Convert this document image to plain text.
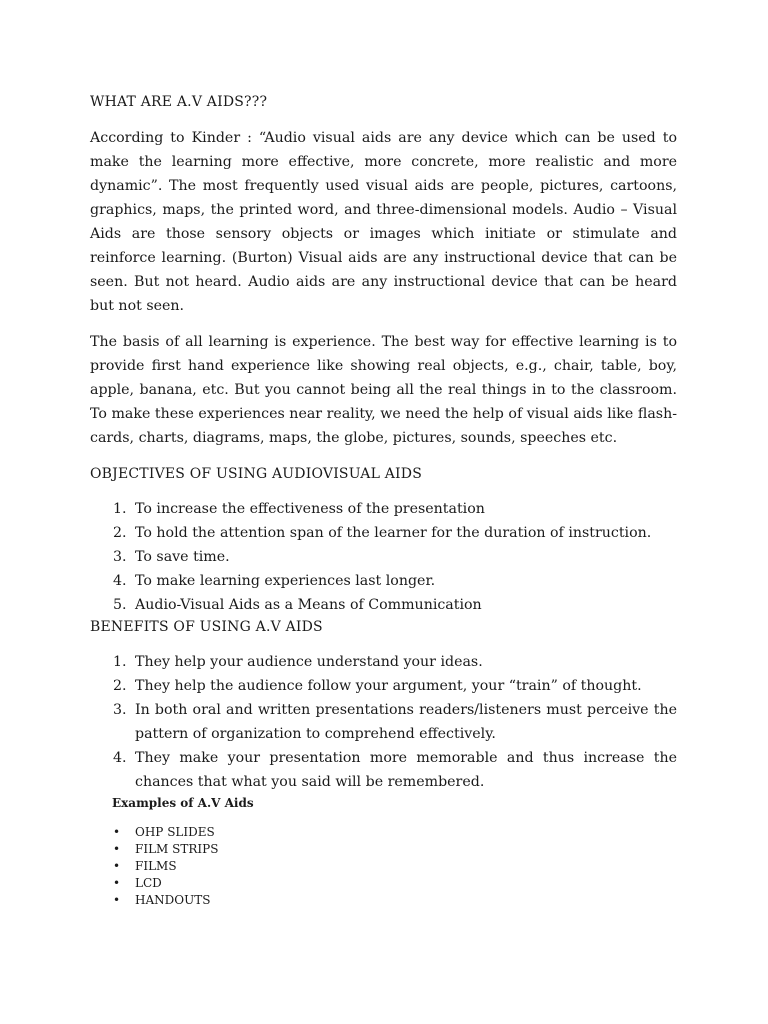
WHAT ARE A.V AIDS???

According to Kinder : “Audio visual aids are any device which can be used to make the learning more effective, more concrete, more realistic and more dynamic”. The most frequently used visual aids are people, pictures, cartoons, graphics, maps, the printed word, and three-dimensional models. Audio – Visual Aids are those sensory objects or images which initiate or stimulate and reinforce learning. (Burton) Visual aids are any instructional device that can be seen. But not heard. Audio aids are any instructional device that can be heard but not seen.

The basis of all learning is experience. The best way for effective learning is to provide first hand experience like showing real objects, e.g., chair, table, boy, apple, banana, etc. But you cannot being all the real things in to the classroom. To make these experiences near reality, we need the help of visual aids like flash-cards, charts, diagrams, maps, the globe, pictures, sounds, speeches etc.

OBJECTIVES OF USING AUDIOVISUAL AIDS

1. To increase the effectiveness of the presentation
2. To hold the attention span of the learner for the duration of instruction.
3. To save time.
4. To make learning experiences last longer.
5. Audio-Visual Aids as a Means of Communication

BENEFITS OF USING A.V AIDS

1. They help your audience understand your ideas.
2. They help the audience follow your argument, your “train” of thought.
3. In both oral and written presentations readers/listeners must perceive the pattern of organization to comprehend effectively.
4. They make your presentation more memorable and thus increase the chances that what you said will be remembered.

Examples of A.V Aids

• OHP SLIDES
• FILM STRIPS
• FILMS
• LCD
• HANDOUTS
